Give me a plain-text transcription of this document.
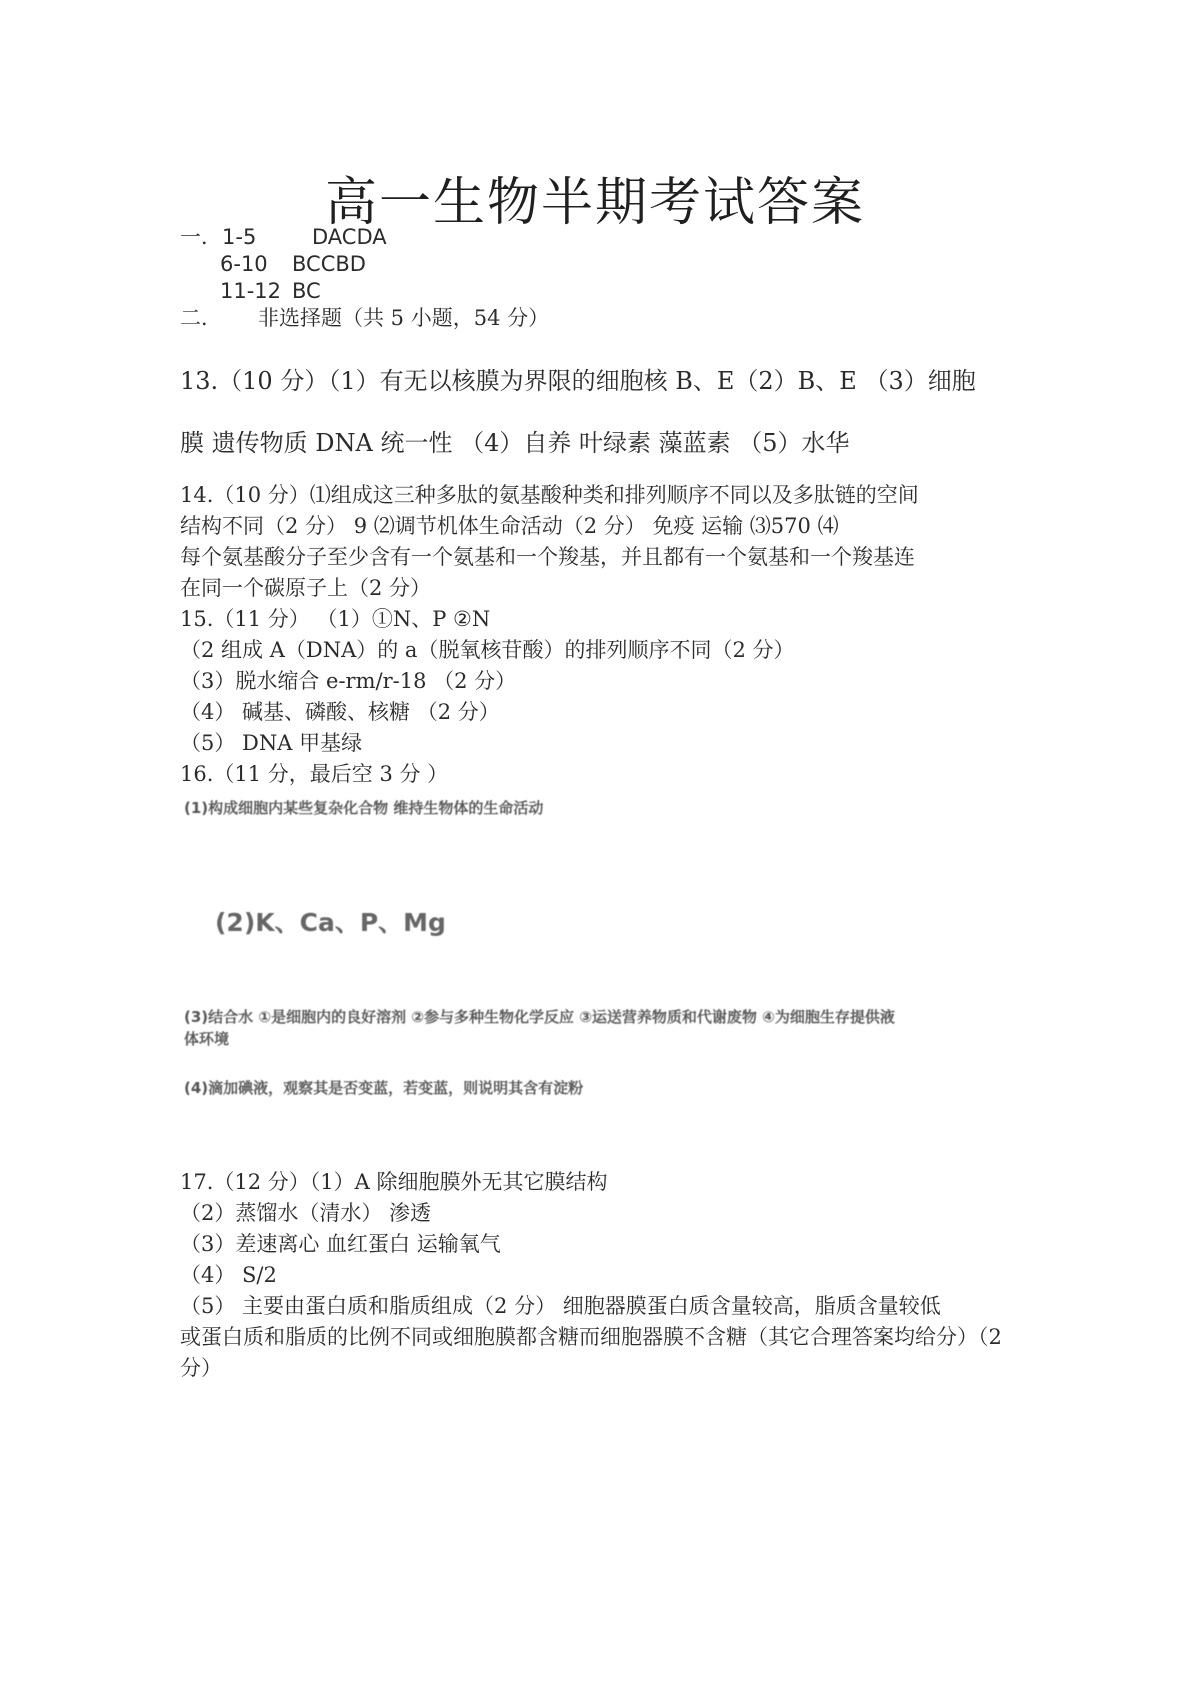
高一生物半期考试答案
一．1-5	DACDA
6-10 BCCBD
11-12 BC
二． 非选择题（共 5 小题，54 分）
13.（10 分）（1）有无以核膜为界限的细胞核 B、E（2）B、E （3）细胞
膜 遗传物质 DNA 统一性 （4）自养 叶绿素 藻蓝素 （5）水华
14.（10 分）⑴组成这三种多肽的氨基酸种类和排列顺序不同以及多肽链的空间
结构不同（2 分） 9 ⑵调节机体生命活动（2 分） 免疫 运输 ⑶570 ⑷
每个氨基酸分子至少含有一个氨基和一个羧基，并且都有一个氨基和一个羧基连
在同一个碳原子上（2 分）
15.（11 分） （1）①N、P ②N
（2 组成 A（DNA）的 a（脱氧核苷酸）的排列顺序不同（2 分）
（3）脱水缩合 e-rm/r-18 （2 分）
（4） 碱基、磷酸、核糖 （2 分）
（5） DNA 甲基绿
16.（11 分，最后空 3 分 ）
(1)构成细胞内某些复杂化合物 维持生物体的生命活动
(2)K、Ca、P、Mg
(3)结合水 ①是细胞内的良好溶剂 ②参与多种生物化学反应 ③运送营养物质和代谢废物 ④为细胞生存提供液
体环境
(4)滴加碘液，观察其是否变蓝，若变蓝，则说明其含有淀粉
17.（12 分）（1）A 除细胞膜外无其它膜结构
（2）蒸馏水（清水） 渗透
（3）差速离心 血红蛋白 运输氧气
（4） S/2
（5） 主要由蛋白质和脂质组成（2 分） 细胞器膜蛋白质含量较高，脂质含量较低
或蛋白质和脂质的比例不同或细胞膜都含糖而细胞器膜不含糖（其它合理答案均给分）（2
分）
